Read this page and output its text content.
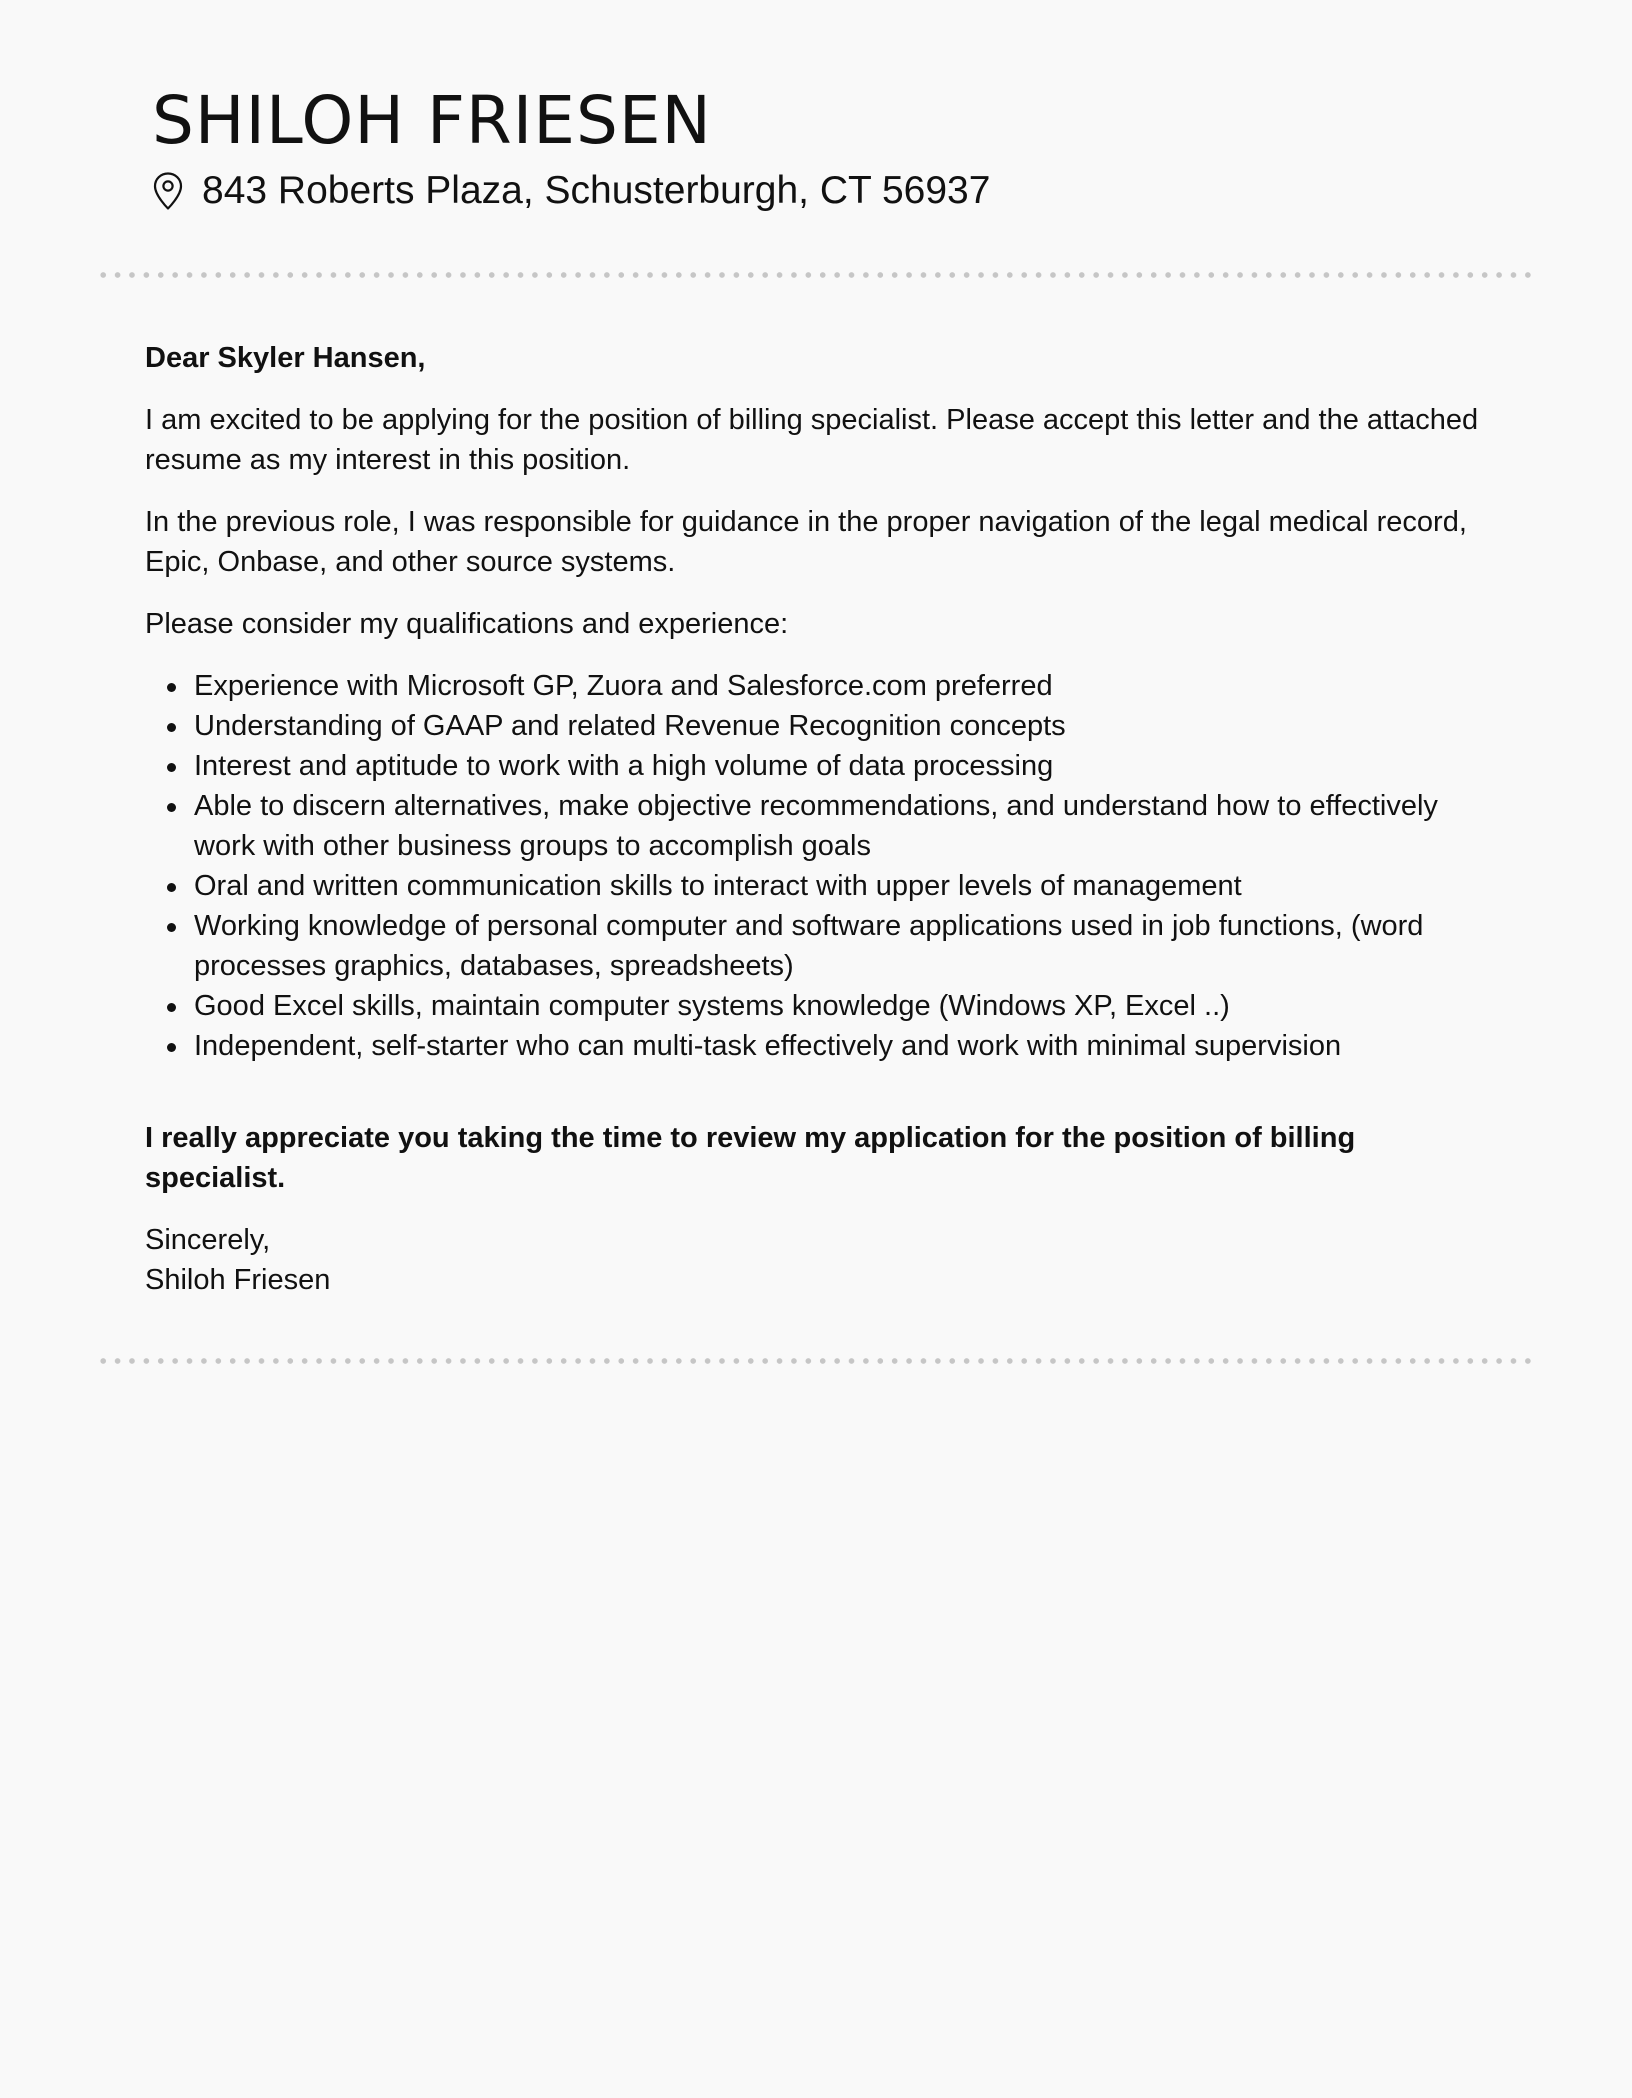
SHILOH FRIESEN
843 Roberts Plaza, Schusterburgh, CT 56937

Dear Skyler Hansen,

I am excited to be applying for the position of billing specialist. Please accept this letter and the attached resume as my interest in this position.

In the previous role, I was responsible for guidance in the proper navigation of the legal medical record, Epic, Onbase, and other source systems.

Please consider my qualifications and experience:

Experience with Microsoft GP, Zuora and Salesforce.com preferred
Understanding of GAAP and related Revenue Recognition concepts
Interest and aptitude to work with a high volume of data processing
Able to discern alternatives, make objective recommendations, and understand how to effectively work with other business groups to accomplish goals
Oral and written communication skills to interact with upper levels of management
Working knowledge of personal computer and software applications used in job functions, (word processes graphics, databases, spreadsheets)
Good Excel skills, maintain computer systems knowledge (Windows XP, Excel ..)
Independent, self-starter who can multi-task effectively and work with minimal supervision

I really appreciate you taking the time to review my application for the position of billing specialist.

Sincerely,
Shiloh Friesen
